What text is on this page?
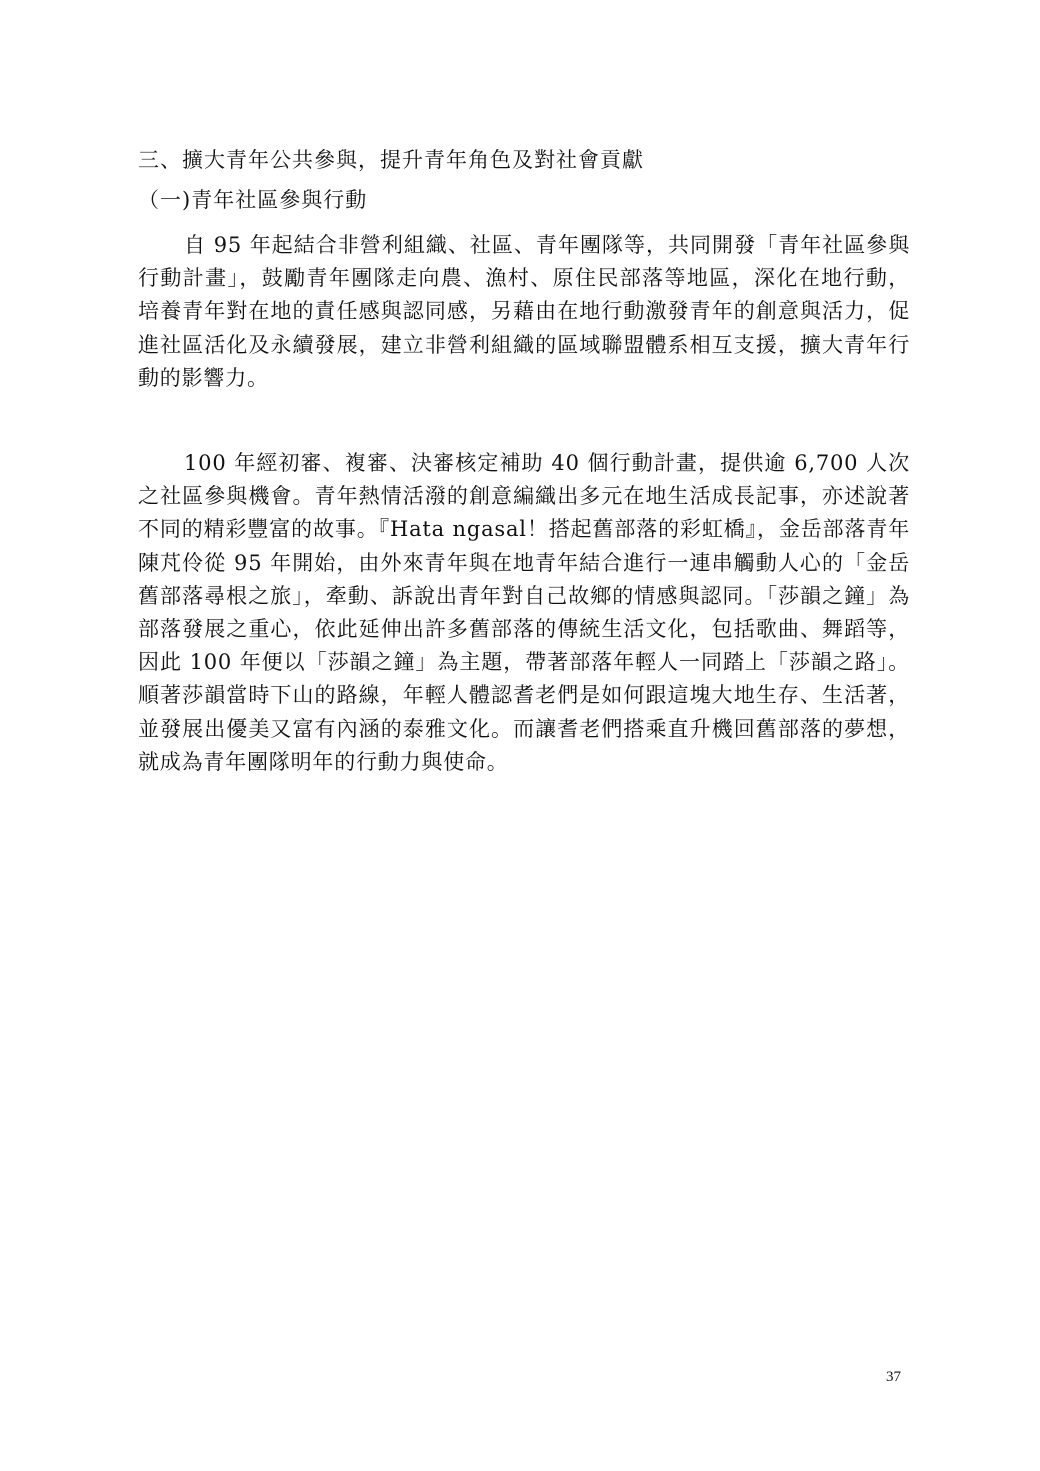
三、擴大青年公共參與，提升青年角色及對社會貢獻
（一)青年社區參與行動

自 95 年起結合非營利組織、社區、青年團隊等，共同開發「青年社區參與行動計畫」，鼓勵青年團隊走向農、漁村、原住民部落等地區，深化在地行動，培養青年對在地的責任感與認同感，另藉由在地行動激發青年的創意與活力，促進社區活化及永續發展，建立非營利組織的區域聯盟體系相互支援，擴大青年行動的影響力。

100 年經初審、複審、決審核定補助 40 個行動計畫，提供逾 6,700 人次之社區參與機會。青年熱情活潑的創意編織出多元在地生活成長記事，亦述說著不同的精彩豐富的故事。『Hata ngasal！搭起舊部落的彩虹橋』，金岳部落青年陳芃伶從 95 年開始，由外來青年與在地青年結合進行一連串觸動人心的「金岳舊部落尋根之旅」，牽動、訴說出青年對自己故鄉的情感與認同。「莎韻之鐘」為部落發展之重心，依此延伸出許多舊部落的傳統生活文化，包括歌曲、舞蹈等，因此 100 年便以「莎韻之鐘」為主題，帶著部落年輕人一同踏上「莎韻之路」。順著莎韻當時下山的路線，年輕人體認耆老們是如何跟這塊大地生存、生活著，並發展出優美又富有內涵的泰雅文化。而讓耆老們搭乘直升機回舊部落的夢想，就成為青年團隊明年的行動力與使命。

37
